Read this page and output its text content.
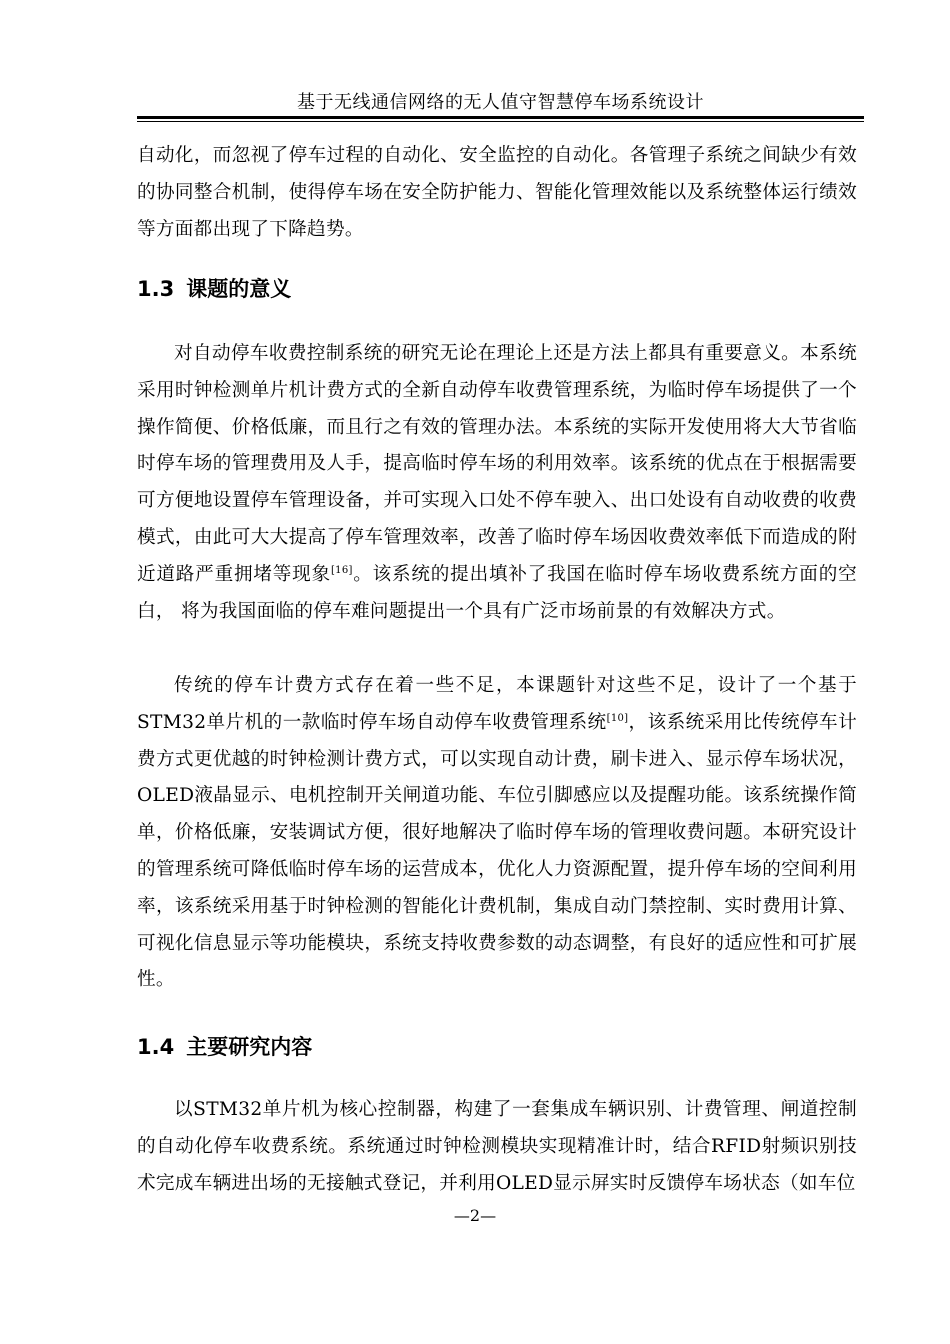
基于无线通信网络的无人值守智慧停车场系统设计

自动化，而忽视了停车过程的自动化、安全监控的自动化。各管理子系统之间缺少有效的协同整合机制，使得停车场在安全防护能力、智能化管理效能以及系统整体运行绩效等方面都出现了下降趋势。

1.3 课题的意义

对自动停车收费控制系统的研究无论在理论上还是方法上都具有重要意义。本系统采用时钟检测单片机计费方式的全新自动停车收费管理系统，为临时停车场提供了一个操作简便、价格低廉，而且行之有效的管理办法。本系统的实际开发使用将大大节省临时停车场的管理费用及人手，提高临时停车场的利用效率。该系统的优点在于根据需要可方便地设置停车管理设备，并可实现入口处不停车驶入、出口处设有自动收费的收费模式，由此可大大提高了停车管理效率，改善了临时停车场因收费效率低下而造成的附近道路严重拥堵等现象[16]。该系统的提出填补了我国在临时停车场收费系统方面的空白， 将为我国面临的停车难问题提出一个具有广泛市场前景的有效解决方式。

传统的停车计费方式存在着一些不足，本课题针对这些不足，设计了一个基于STM32单片机的一款临时停车场自动停车收费管理系统[10]，该系统采用比传统停车计费方式更优越的时钟检测计费方式，可以实现自动计费，刷卡进入、显示停车场状况，OLED液晶显示、电机控制开关闸道功能、车位引脚感应以及提醒功能。该系统操作简单，价格低廉，安装调试方便，很好地解决了临时停车场的管理收费问题。本研究设计的管理系统可降低临时停车场的运营成本，优化人力资源配置，提升停车场的空间利用率，该系统采用基于时钟检测的智能化计费机制，集成自动门禁控制、实时费用计算、可视化信息显示等功能模块，系统支持收费参数的动态调整，有良好的适应性和可扩展性。

1.4 主要研究内容

以STM32单片机为核心控制器，构建了一套集成车辆识别、计费管理、闸道控制的自动化停车收费系统。系统通过时钟检测模块实现精准计时，结合RFID射频识别技术完成车辆进出场的无接触式登记，并利用OLED显示屏实时反馈停车场状态（如车位

—2—
